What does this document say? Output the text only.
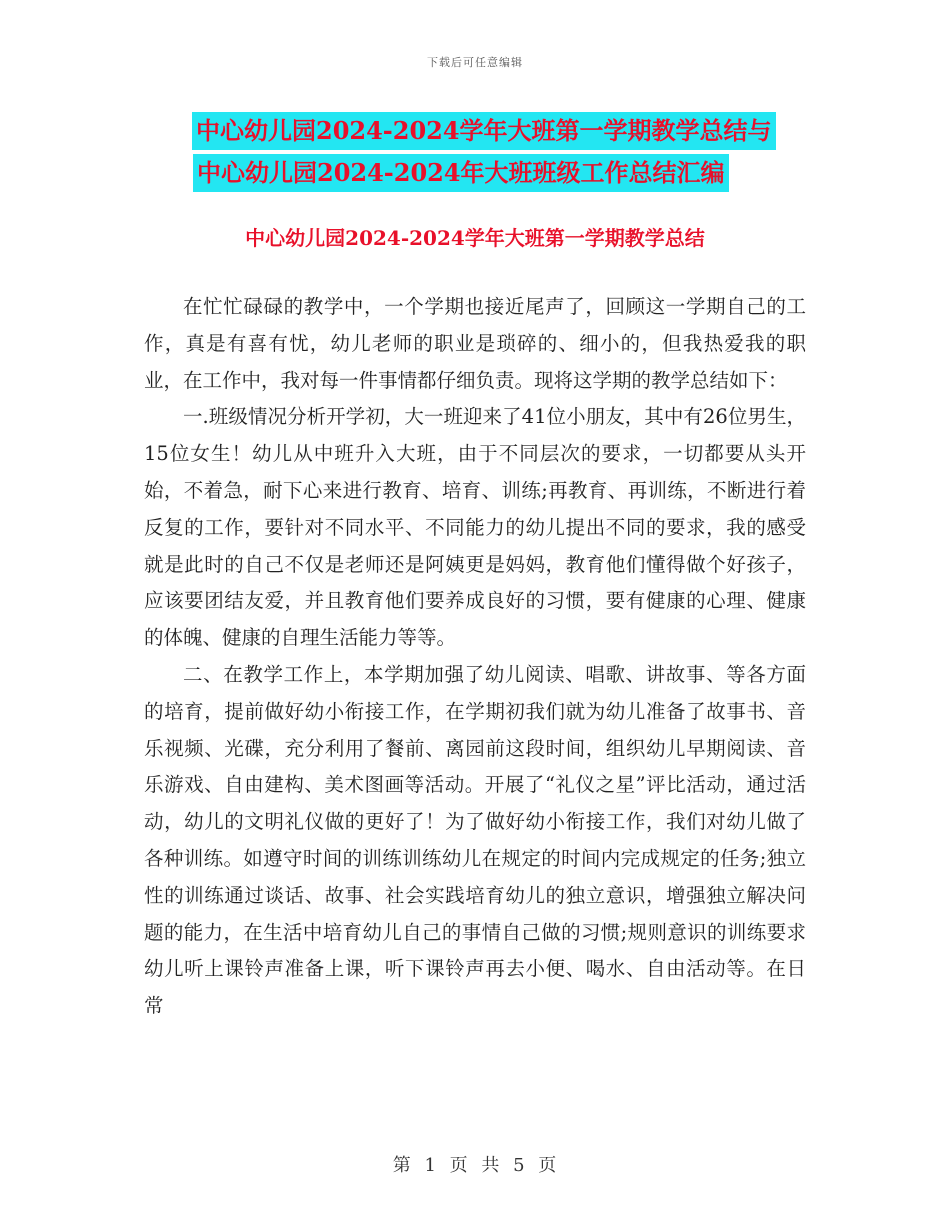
下载后可任意编辑
中心幼儿园2024-2024学年大班第一学期教学总结与
中心幼儿园2024-2024年大班班级工作总结汇编
中心幼儿园2024-2024学年大班第一学期教学总结

在忙忙碌碌的教学中，一个学期也接近尾声了，回顾这一学期自己的工作，真是有喜有忧，幼儿老师的职业是琐碎的、细小的，但我热爱我的职业，在工作中，我对每一件事情都仔细负责。现将这学期的教学总结如下：

一.班级情况分析开学初，大一班迎来了41位小朋友，其中有26位男生，15位女生！幼儿从中班升入大班，由于不同层次的要求，一切都要从头开始，不着急，耐下心来进行教育、培育、训练;再教育、再训练，不断进行着反复的工作，要针对不同水平、不同能力的幼儿提出不同的要求，我的感受就是此时的自己不仅是老师还是阿姨更是妈妈，教育他们懂得做个好孩子，应该要团结友爱，并且教育他们要养成良好的习惯，要有健康的心理、健康的体魄、健康的自理生活能力等等。

二、在教学工作上，本学期加强了幼儿阅读、唱歌、讲故事、等各方面的培育，提前做好幼小衔接工作，在学期初我们就为幼儿准备了故事书、音乐视频、光碟，充分利用了餐前、离园前这段时间，组织幼儿早期阅读、音乐游戏、自由建构、美术图画等活动。开展了“礼仪之星”评比活动，通过活动，幼儿的文明礼仪做的更好了！为了做好幼小衔接工作，我们对幼儿做了各种训练。如遵守时间的训练训练幼儿在规定的时间内完成规定的任务;独立性的训练通过谈话、故事、社会实践培育幼儿的独立意识，增强独立解决问题的能力，在生活中培育幼儿自己的事情自己做的习惯;规则意识的训练要求幼儿听上课铃声准备上课，听下课铃声再去小便、喝水、自由活动等。在日常

第 1 页 共 5 页
